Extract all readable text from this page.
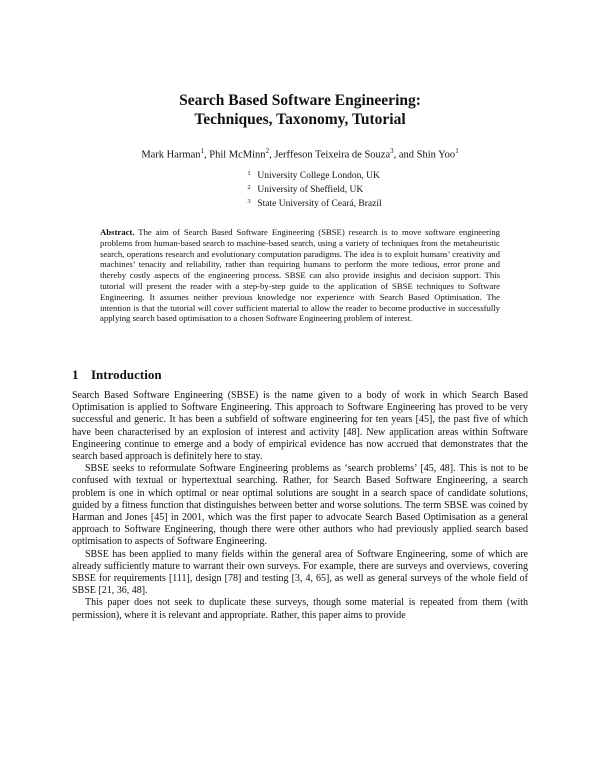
Search Based Software Engineering:
Techniques, Taxonomy, Tutorial
Mark Harman$^1$, Phil McMinn$^2$, Jerffeson Teixeira de Souza$^3$, and Shin Yoo$^1$
$^1$ University College London, UK
$^2$ University of Sheffield, UK
$^3$ State University of Ceará, Brazil
Abstract. The aim of Search Based Software Engineering (SBSE) research is to move software engineering problems from human-based search to machine-based search, using a variety of techniques from the metaheuristic search, operations research and evolutionary computation paradigms. The idea is to exploit humans’ creativity and machines’ tenacity and reliability, rather than requiring humans to perform the more tedious, error prone and thereby costly aspects of the engineering process. SBSE can also provide insights and decision support. This tutorial will present the reader with a step-by-step guide to the application of SBSE techniques to Software Engineering. It assumes neither previous knowledge nor experience with Search Based Optimisation. The intention is that the tutorial will cover sufficient material to allow the reader to become productive in successfully applying search based optimisation to a chosen Software Engineering problem of interest.
1 Introduction

Search Based Software Engineering (SBSE) is the name given to a body of work in which Search Based Optimisation is applied to Software Engineering. This approach to Software Engineering has proved to be very successful and generic. It has been a subfield of software engineering for ten years [45], the past five of which have been characterised by an explosion of interest and activity [48]. New application areas within Software Engineering continue to emerge and a body of empirical evidence has now accrued that demonstrates that the search based approach is definitely here to stay.

SBSE seeks to reformulate Software Engineering problems as ‘search problems’ [45, 48]. This is not to be confused with textual or hypertextual searching. Rather, for Search Based Software Engineering, a search problem is one in which optimal or near optimal solutions are sought in a search space of candidate solutions, guided by a fitness function that distinguishes between better and worse solutions. The term SBSE was coined by Harman and Jones [45] in 2001, which was the first paper to advocate Search Based Optimisation as a general approach to Software Engineering, though there were other authors who had previously applied search based optimisation to aspects of Software Engineering.

SBSE has been applied to many fields within the general area of Software Engineering, some of which are already sufficiently mature to warrant their own surveys. For example, there are surveys and overviews, covering SBSE for requirements [111], design [78] and testing [3, 4, 65], as well as general surveys of the whole field of SBSE [21, 36, 48].

This paper does not seek to duplicate these surveys, though some material is repeated from them (with permission), where it is relevant and appropriate. Rather, this paper aims to provide
